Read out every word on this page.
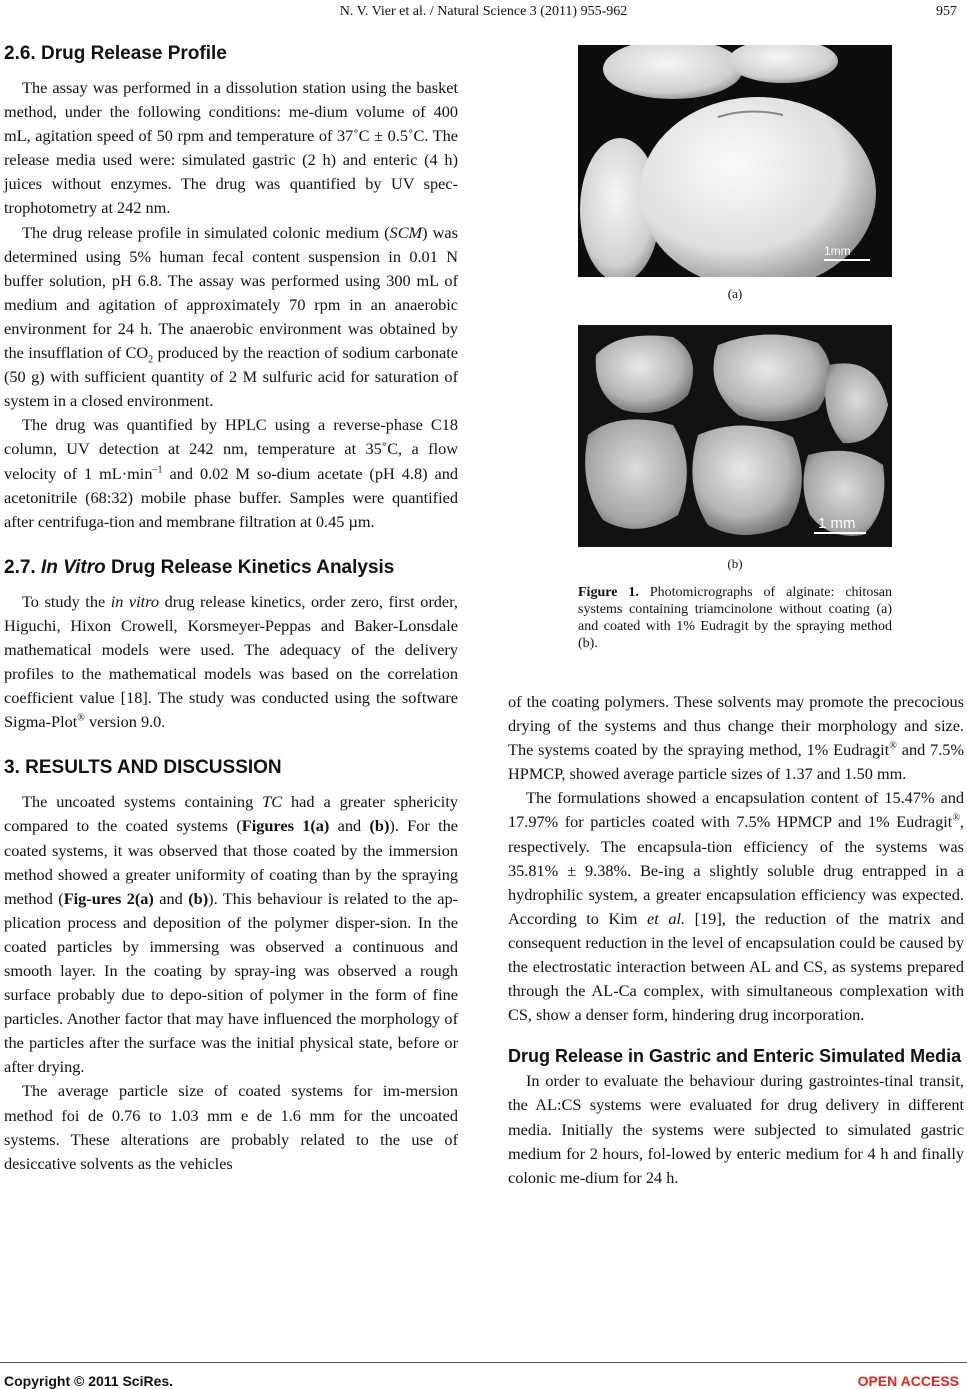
N. V. Vier et al. / Natural Science 3 (2011) 955-962	957
2.6. Drug Release Profile

The assay was performed in a dissolution station using the basket method, under the following conditions: me-dium volume of 400 mL, agitation speed of 50 rpm and temperature of 37˚C ± 0.5˚C. The release media used were: simulated gastric (2 h) and enteric (4 h) juices without enzymes. The drug was quantified by UV spec-trophotometry at 242 nm.

The drug release profile in simulated colonic medium (SCM) was determined using 5% human fecal content suspension in 0.01 N buffer solution, pH 6.8. The assay was performed using 300 mL of medium and agitation of approximately 70 rpm in an anaerobic environment for 24 h. The anaerobic environment was obtained by the insufflation of $CO_2$ produced by the reaction of sodium carbonate (50 g) with sufficient quantity of 2 M sulfuric acid for saturation of system in a closed environment.

The drug was quantified by HPLC using a reverse-phase C18 column, UV detection at 242 nm, temperature at 35˚C, a flow velocity of 1 $mL\cdot\min^{-1}$ and 0.02 M so-dium acetate (pH 4.8) and acetonitrile (68:32) mobile phase buffer. Samples were quantified after centrifuga-tion and membrane filtration at 0.45 µm.

2.7. In Vitro Drug Release Kinetics Analysis

To study the in vitro drug release kinetics, order zero, first order, Higuchi, Hixon Crowell, Korsmeyer-Peppas and Baker-Lonsdale mathematical models were used. The adequacy of the delivery profiles to the mathematical models was based on the correlation coefficient value [18]. The study was conducted using the software Sigma-Plot® version 9.0.

3. RESULTS AND DISCUSSION

The uncoated systems containing TC had a greater sphericity compared to the coated systems (Figures 1(a) and (b)). For the coated systems, it was observed that those coated by the immersion method showed a greater uniformity of coating than by the spraying method (Fig-ures 2(a) and (b)). This behaviour is related to the ap-plication process and deposition of the polymer disper-sion. In the coated particles by immersing was observed a continuous and smooth layer. In the coating by spray-ing was observed a rough surface probably due to depo-sition of polymer in the form of fine particles. Another factor that may have influenced the morphology of the particles after the surface was the initial physical state, before or after drying.

The average particle size of coated systems for im-mersion method foi de 0.76 to 1.03 mm e de 1.6 mm for the uncoated systems. These alterations are probably related to the use of desiccative solvents as the vehicles

1mm
(a)
1 mm
(b)
Figure 1. Photomicrographs of alginate: chitosan systems containing triamcinolone without coating (a) and coated with 1% Eudragit by the spraying method (b).

of the coating polymers. These solvents may promote the precocious drying of the systems and thus change their morphology and size. The systems coated by the spraying method, 1% Eudragit® and 7.5% HPMCP, showed average particle sizes of 1.37 and 1.50 mm.

The formulations showed a encapsulation content of 15.47% and 17.97% for particles coated with 7.5% HPMCP and 1% Eudragit®, respectively. The encapsula-tion efficiency of the systems was 35.81% ± 9.38%. Be-ing a slightly soluble drug entrapped in a hydrophilic system, a greater encapsulation efficiency was expected. According to Kim et al. [19], the reduction of the matrix and consequent reduction in the level of encapsulation could be caused by the electrostatic interaction between AL and CS, as systems prepared through the AL-Ca complex, with simultaneous complexation with CS, show a denser form, hindering drug incorporation.

Drug Release in Gastric and Enteric Simulated Media

In order to evaluate the behaviour during gastrointes-tinal transit, the AL:CS systems were evaluated for drug delivery in different media. Initially the systems were subjected to simulated gastric medium for 2 hours, fol-lowed by enteric medium for 4 h and finally colonic me-dium for 24 h.

Copyright © 2011 SciRes.	OPEN ACCESS
